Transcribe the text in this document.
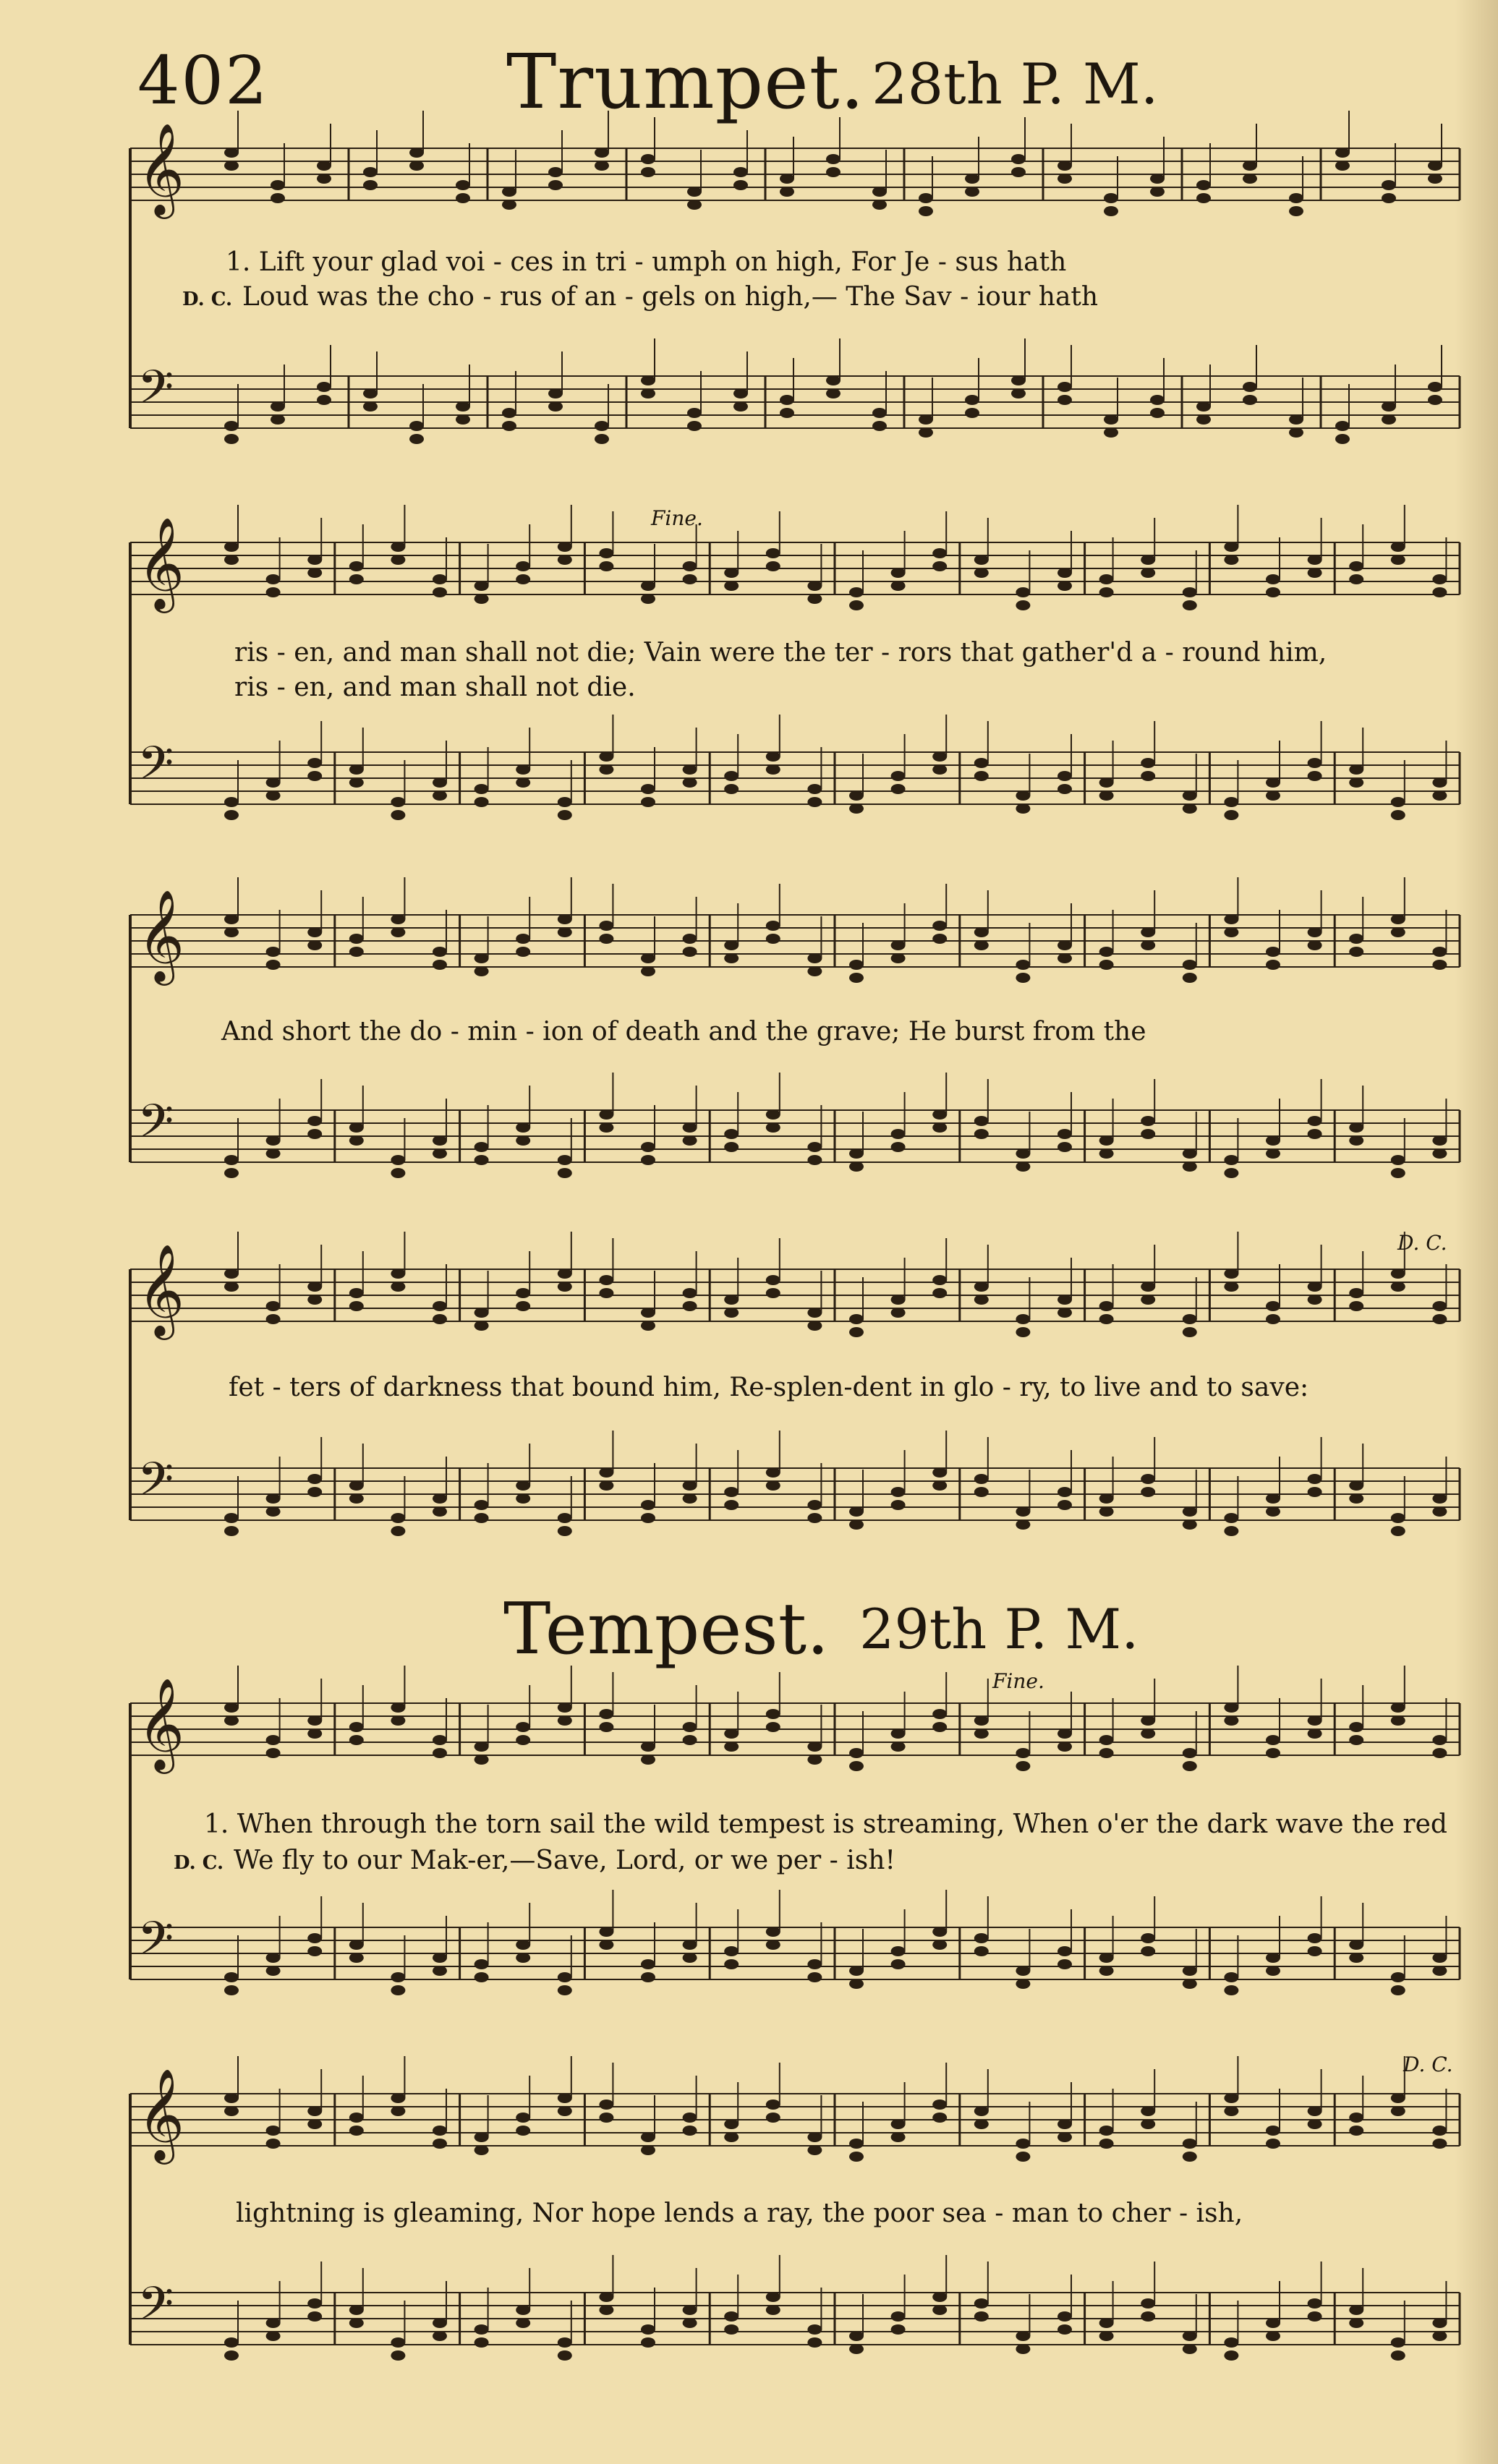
402	Trumpet. 28th P. M.
𝄞
𝄢
𝄞
𝄢
𝄞
𝄢
𝄞
𝄢
𝄞
𝄢
𝄞
𝄢
1. Lift your glad voi - ces in tri - umph on high, For Je - sus hath
D. C. Loud was the cho - rus of an - gels on high,— The Sav - iour hath
Fine.
ris - en, and man shall not die; Vain were the ter - rors that gather'd a - round him,
ris - en, and man shall not die.
And short the do - min - ion of death and the grave; He burst from the
D. C.
fet - ters of darkness that bound him, Re-splen-dent in glo - ry, to live and to save:
Tempest. 29th P. M.
Fine.
1. When through the torn sail the wild tempest is streaming, When o'er the dark wave the red
D. C. We fly to our Mak-er,—Save, Lord, or we per - ish!
D. C.
lightning is gleaming, Nor hope lends a ray, the poor sea - man to cher - ish,
